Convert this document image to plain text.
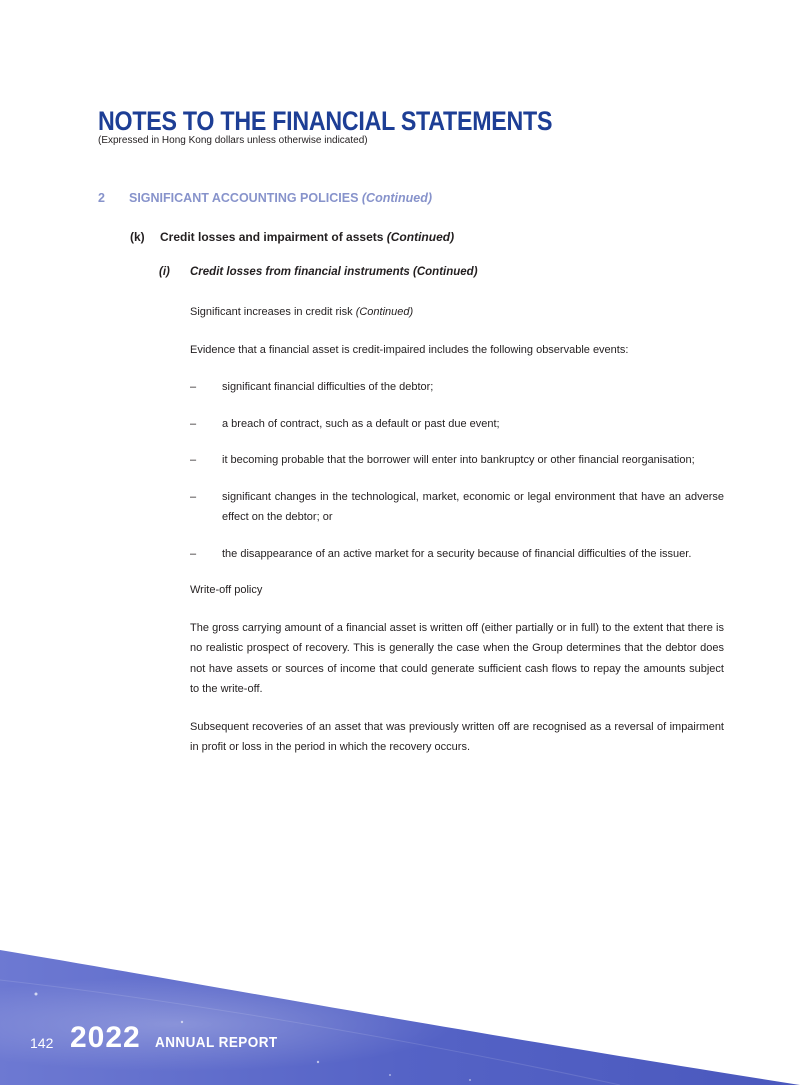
NOTES TO THE FINANCIAL STATEMENTS
(Expressed in Hong Kong dollars unless otherwise indicated)
2 SIGNIFICANT ACCOUNTING POLICIES (Continued)
(k) Credit losses and impairment of assets (Continued)
(i) Credit losses from financial instruments (Continued)

Significant increases in credit risk (Continued)

Evidence that a financial asset is credit-impaired includes the following observable events:

–	significant financial difficulties of the debtor;
–	a breach of contract, such as a default or past due event;
–	it becoming probable that the borrower will enter into bankruptcy or other financial reorganisation;
–	significant changes in the technological, market, economic or legal environment that have an adverse effect on the debtor; or
–	the disappearance of an active market for a security because of financial difficulties of the issuer.

Write-off policy

The gross carrying amount of a financial asset is written off (either partially or in full) to the extent that there is no realistic prospect of recovery. This is generally the case when the Group determines that the debtor does not have assets or sources of income that could generate sufficient cash flows to repay the amounts subject to the write-off.

Subsequent recoveries of an asset that was previously written off are recognised as a reversal of impairment in profit or loss in the period in which the recovery occurs.

142 2022 ANNUAL REPORT
